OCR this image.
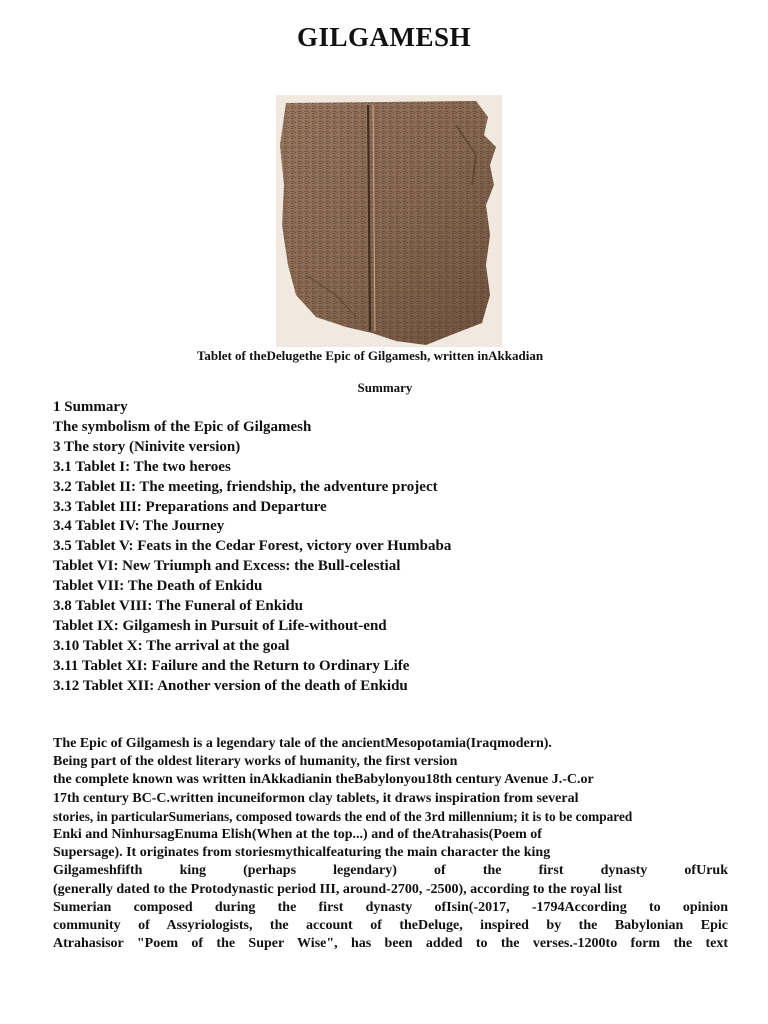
GILGAMESH
Tablet of theDelugethe Epic of Gilgamesh, written inAkkadian
Summary
1 Summary
The symbolism of the Epic of Gilgamesh
3 The story (Ninivite version)
3.1 Tablet I: The two heroes
3.2 Tablet II: The meeting, friendship, the adventure project
3.3 Tablet III: Preparations and Departure
3.4 Tablet IV: The Journey
3.5 Tablet V: Feats in the Cedar Forest, victory over Humbaba
Tablet VI: New Triumph and Excess: the Bull-celestial
Tablet VII: The Death of Enkidu
3.8 Tablet VIII: The Funeral of Enkidu
Tablet IX: Gilgamesh in Pursuit of Life-without-end
3.10 Tablet X: The arrival at the goal
3.11 Tablet XI: Failure and the Return to Ordinary Life
3.12 Tablet XII: Another version of the death of Enkidu
The Epic of Gilgamesh is a legendary tale of the ancientMesopotamia(Iraqmodern).
Being part of the oldest literary works of humanity, the first version
the complete known was written inAkkadianin theBabylonyou18th century Avenue J.-C.or
17th century BC-C.written incuneiformon clay tablets, it draws inspiration from several
stories, in particularSumerians, composed towards the end of the 3rd millennium; it is to be compared
Enki and NinhursagEnuma Elish(When at the top...) and of theAtrahasis(Poem of
Supersage). It originates from storiesmythicalfeaturing the main character the king
Gilgameshfifth king (perhaps legendary) of the first dynasty ofUruk
(generally dated to the Protodynastic period III, around-2700, -2500), according to the royal list
Sumerian composed during the first dynasty ofIsin(-2017, -1794According to opinion
community of Assyriologists, the account of theDeluge, inspired by the Babylonian Epic
Atrahasisor "Poem of the Super Wise", has been added to the verses.-1200to form the text
